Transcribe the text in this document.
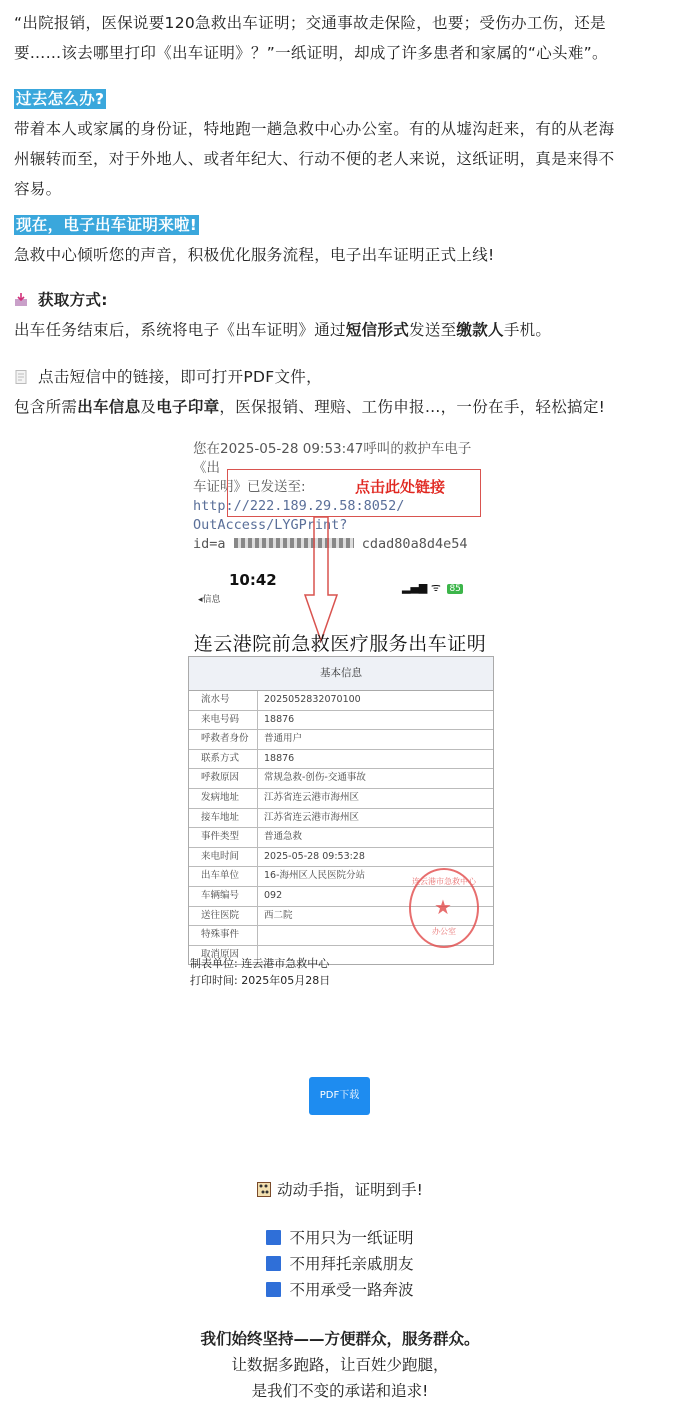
“出院报销，医保说要120急救出车证明；交通事故走保险，也要；受伤办工伤，还是
要……该去哪里打印《出车证明》？”一纸证明，却成了许多患者和家属的“心头难”。
过去怎么办?
带着本人或家属的身份证，特地跑一趟急救中心办公室。有的从墟沟赶来，有的从老海
州辗转而至，对于外地人、或者年纪大、行动不便的老人来说，这纸证明，真是来得不
容易。
现在，电子出车证明来啦!
急救中心倾听您的声音，积极优化服务流程，电子出车证明正式上线!
获取方式:
出车任务结束后，系统将电子《出车证明》通过短信形式发送至缴款人手机。
点击短信中的链接，即可打开PDF文件，
包含所需出车信息及电子印章，医保报销、理赔、工伤申报…，一份在手，轻松搞定!
您在2025-05-28 09:53:47呼叫的救护车电子《出
车证明》已发送至: http://222.189.29.58:8052/
OutAccess/LYGPrint?
id=a	cdad80a8d4e54
点击此处链接
10:42
◂信息
▂▄▆ ᯤ 85
连云港院前急救医疗服务出车证明
基本信息
流水号	2025052832070100
来电号码	18876
呼救者身份	普通用户
联系方式	18876
呼救原因	常规急救-创伤-交通事故
发病地址	江苏省连云港市海州区
接车地址	江苏省连云港市海州区
事件类型	普通急救
来电时间	2025-05-28 09:53:28
出车单位	16-海州区人民医院分站
车辆编号	092
送往医院	西二院
特殊事件
取消原因
连云港市急救中心
★
办公室
制表单位: 连云港市急救中心
打印时间: 2025年05月28日
PDF下载
动动手指，证明到手!
不用只为一纸证明
不用拜托亲戚朋友
不用承受一路奔波
我们始终坚持——方便群众，服务群众。
让数据多跑路，让百姓少跑腿，
是我们不变的承诺和追求!
